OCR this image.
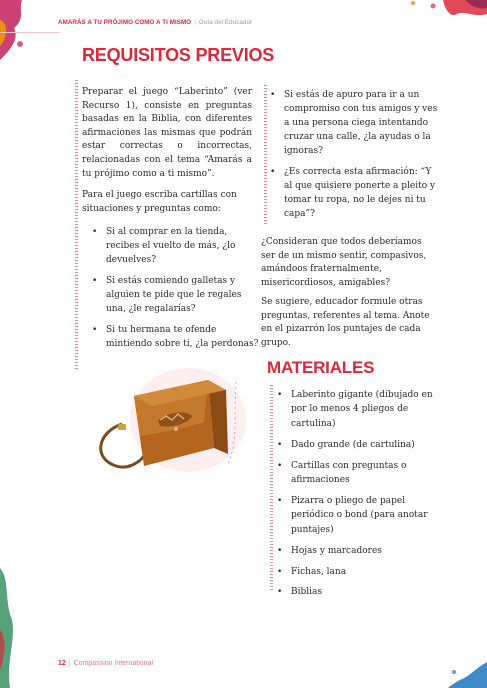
AMARÁS A TU PRÓJIMO COMO A TI MISMO | Guía del Educador
REQUISITOS PREVIOS

Preparar el juego “Laberinto” (ver Recurso 1), consiste en preguntas basadas en la Biblia, con diferentes afirmaciones las mismas que podrán estar correctas o incorrectas, relacionadas con el tema “Amarás a tu prójimo como a ti mismo”.

Para el juego escriba cartillas con situaciones y preguntas como:

• Si al comprar en la tienda, recibes el vuelto de más, ¿lo devuelves?
• Si estás comiendo galletas y alguien te pide que le regales una, ¿le regalarías?
• Si tu hermana te ofende mintiendo sobre ti, ¿la perdonas?
• Si estás de apuro para ir a un compromiso con tus amigos y ves a una persona ciega intentando cruzar una calle, ¿la ayudas o la ignoras?
• ¿Es correcta esta afirmación: “Y al que quisiere ponerte a pleito y tomar tu ropa, no le dejes ni tu capa”?

¿Consideran que todos deberíamos ser de un mismo sentir, compasivos, amándoos fraternalmente, misericordiosos, amigables?

Se sugiere, educador formule otras preguntas, referentes al tema. Anote en el pizarrón los puntajes de cada grupo.

MATERIALES
• Laberinto gigante (dibujado en por lo menos 4 pliegos de cartulina)
• Dado grande (de cartulina)
• Cartillas con preguntas o afirmaciones
• Pizarra o pliego de papel periódico o bond (para anotar puntajes)
• Hojas y marcadores
• Fichas, lana
• Biblias
12 | Compassion International
